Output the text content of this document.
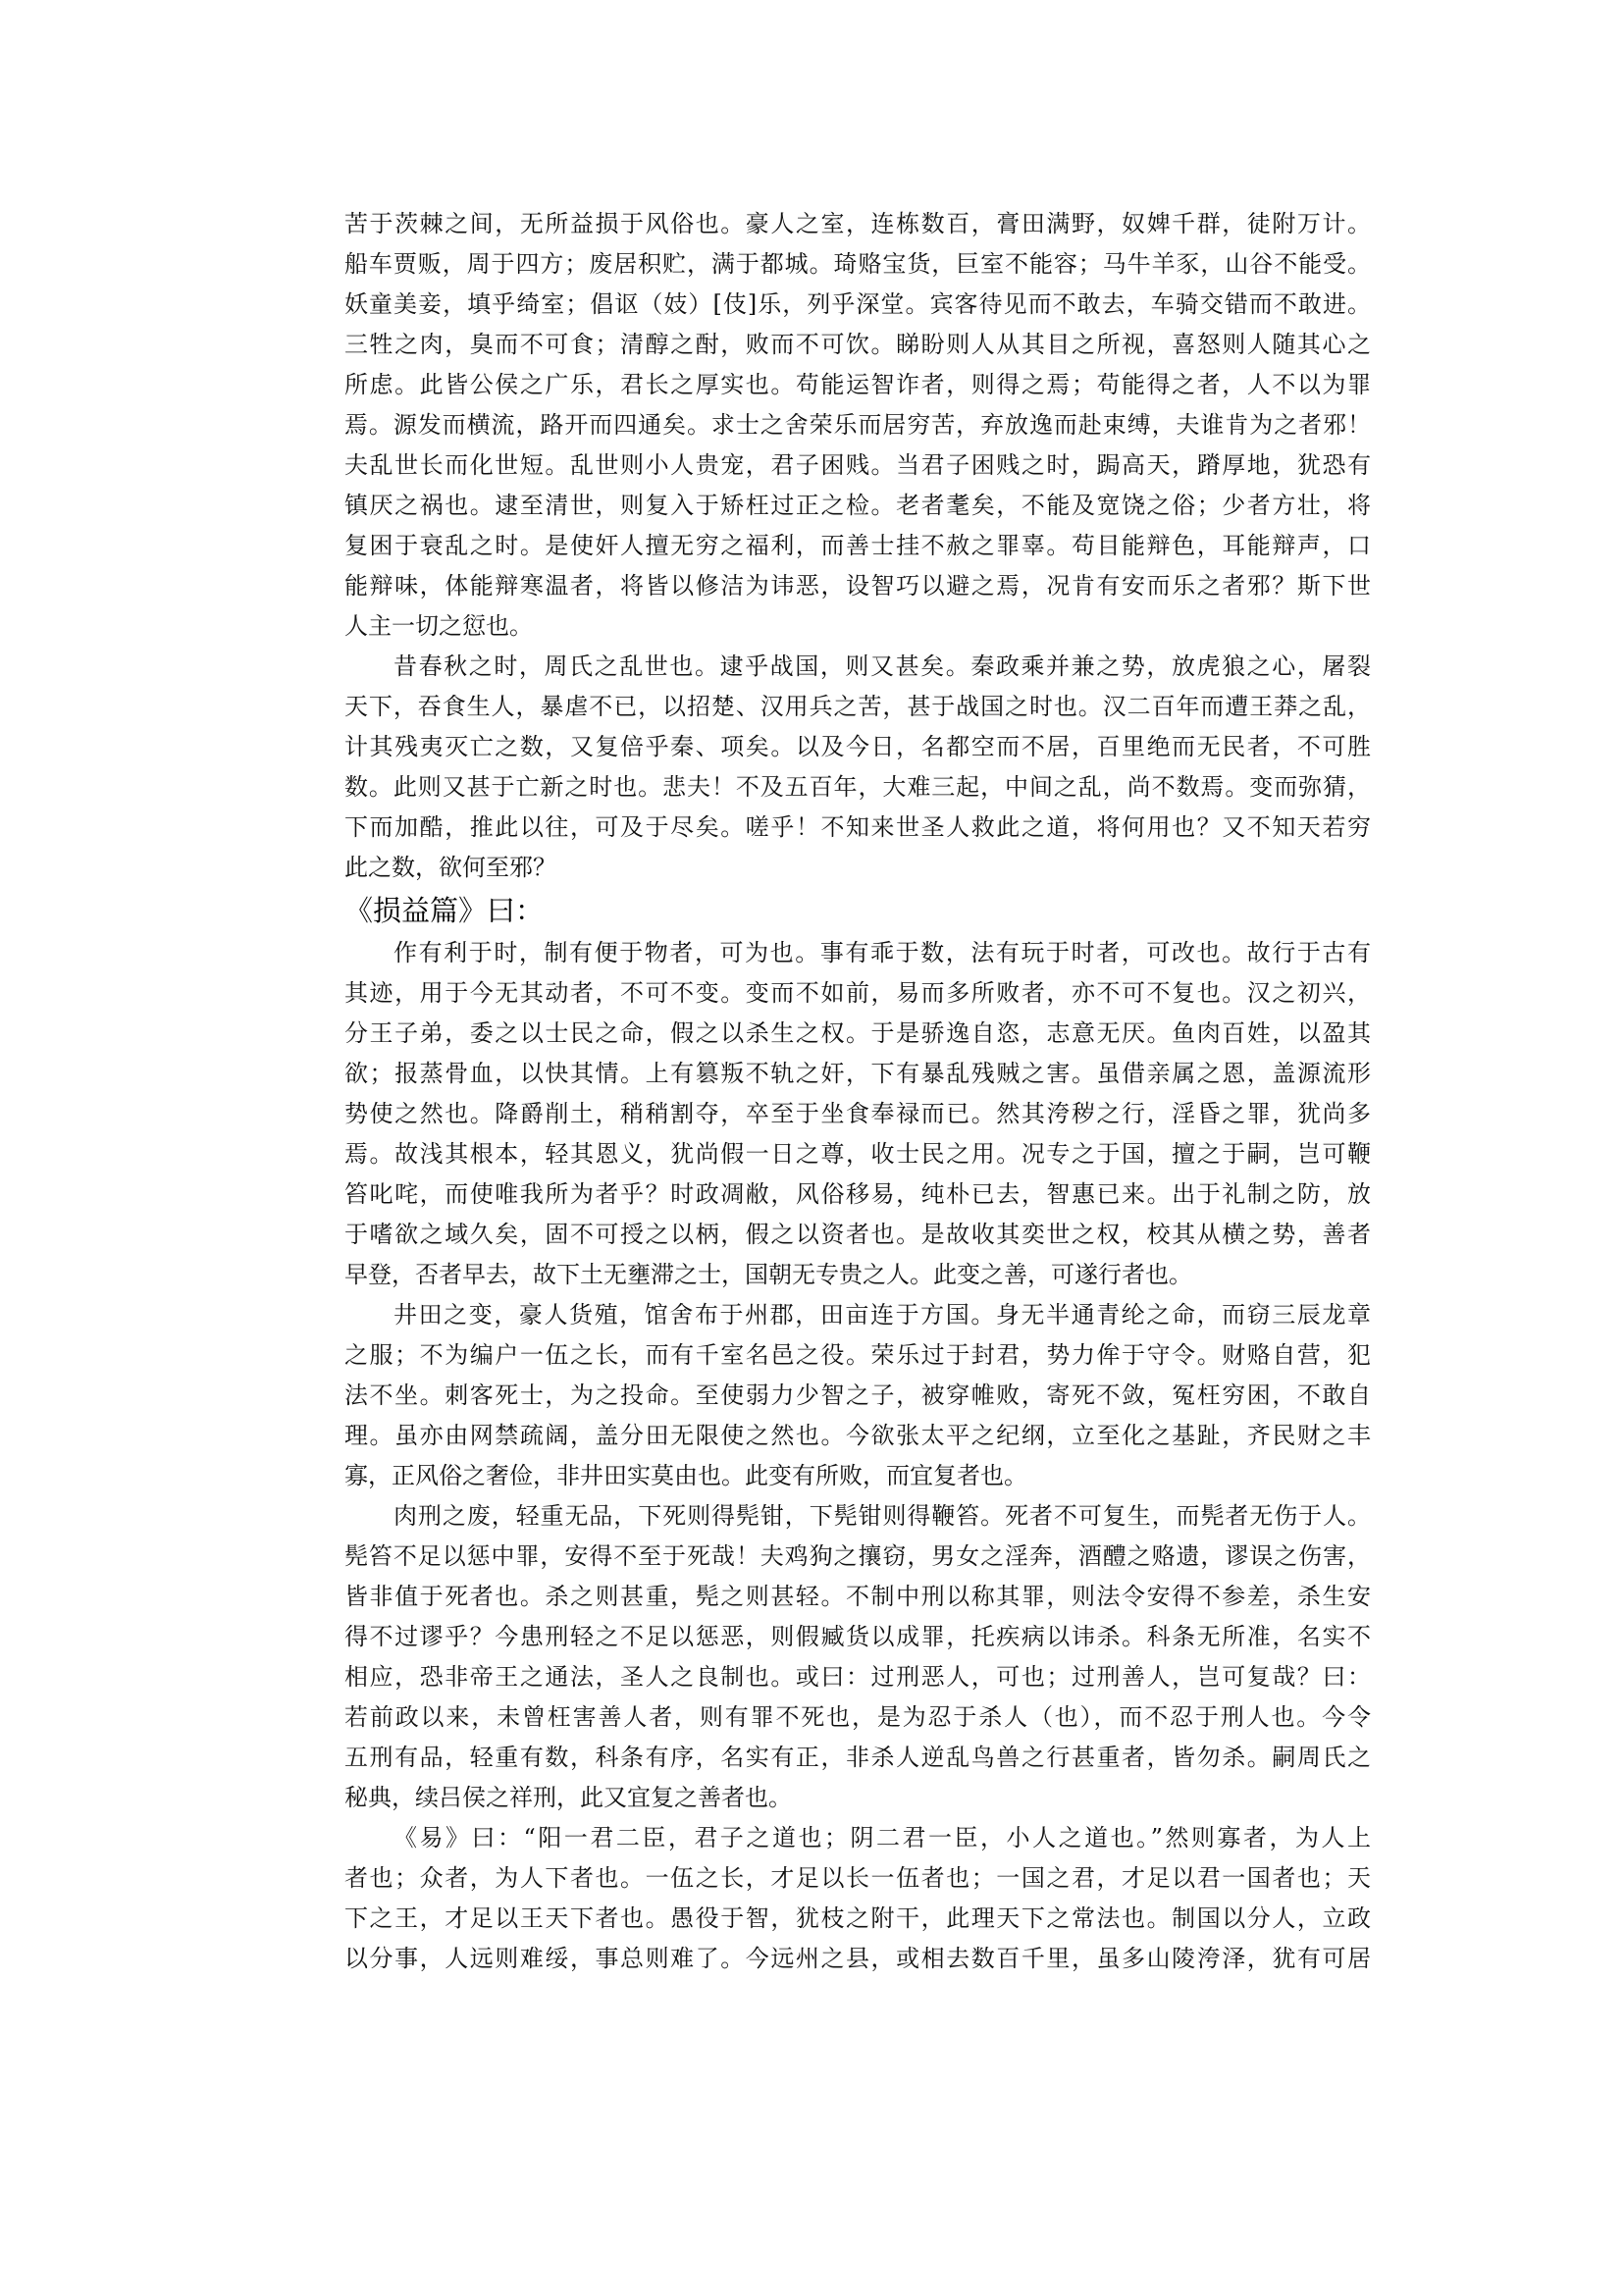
苦于茨棘之间，无所益损于风俗也。豪人之室，连栋数百，膏田满野，奴婢千群，徒附万计。
船车贾贩，周于四方；废居积贮，满于都城。琦赂宝货，巨室不能容；马牛羊豕，山谷不能受。
妖童美妾，填乎绮室；倡讴（妓）[伎]乐，列乎深堂。宾客待见而不敢去，车骑交错而不敢进。
三牲之肉，臭而不可食；清醇之酎，败而不可饮。睇盼则人从其目之所视，喜怒则人随其心之
所虑。此皆公侯之广乐，君长之厚实也。苟能运智诈者，则得之焉；苟能得之者，人不以为罪
焉。源发而横流，路开而四通矣。求士之舍荣乐而居穷苦，弃放逸而赴束缚，夫谁肯为之者邪！
夫乱世长而化世短。乱世则小人贵宠，君子困贱。当君子困贱之时，跼高天，蹐厚地，犹恐有
镇厌之祸也。逮至清世，则复入于矫枉过正之检。老者耄矣，不能及宽饶之俗；少者方壮，将
复困于衰乱之时。是使奸人擅无穷之福利，而善士挂不赦之罪辜。苟目能辩色，耳能辩声，口
能辩味，体能辩寒温者，将皆以修洁为讳恶，设智巧以避之焉，况肯有安而乐之者邪？斯下世
人主一切之愆也。
昔春秋之时，周氏之乱世也。逮乎战国，则又甚矣。秦政乘并兼之势，放虎狼之心，屠裂
天下，吞食生人，暴虐不已，以招楚、汉用兵之苦，甚于战国之时也。汉二百年而遭王莽之乱，
计其残夷灭亡之数，又复倍乎秦、项矣。以及今日，名都空而不居，百里绝而无民者，不可胜
数。此则又甚于亡新之时也。悲夫！不及五百年，大难三起，中间之乱，尚不数焉。变而弥猜，
下而加酷，推此以往，可及于尽矣。嗟乎！不知来世圣人救此之道，将何用也？又不知天若穷
此之数，欲何至邪？
《损益篇》曰：
作有利于时，制有便于物者，可为也。事有乖于数，法有玩于时者，可改也。故行于古有
其迹，用于今无其动者，不可不变。变而不如前，易而多所败者，亦不可不复也。汉之初兴，
分王子弟，委之以士民之命，假之以杀生之权。于是骄逸自恣，志意无厌。鱼肉百姓，以盈其
欲；报蒸骨血，以快其情。上有篡叛不轨之奸，下有暴乱残贼之害。虽借亲属之恩，盖源流形
势使之然也。降爵削土，稍稍割夺，卒至于坐食奉禄而已。然其洿秽之行，淫昏之罪，犹尚多
焉。故浅其根本，轻其恩义，犹尚假一日之尊，收士民之用。况专之于国，擅之于嗣，岂可鞭
笞叱咤，而使唯我所为者乎？时政凋敝，风俗移易，纯朴已去，智惠已来。出于礼制之防，放
于嗜欲之域久矣，固不可授之以柄，假之以资者也。是故收其奕世之权，校其从横之势，善者
早登，否者早去，故下土无壅滞之士，国朝无专贵之人。此变之善，可遂行者也。
井田之变，豪人货殖，馆舍布于州郡，田亩连于方国。身无半通青纶之命，而窃三辰龙章
之服；不为编户一伍之长，而有千室名邑之役。荣乐过于封君，势力侔于守令。财赂自营，犯
法不坐。刺客死士，为之投命。至使弱力少智之子，被穿帷败，寄死不敛，冤枉穷困，不敢自
理。虽亦由网禁疏阔，盖分田无限使之然也。今欲张太平之纪纲，立至化之基趾，齐民财之丰
寡，正风俗之奢俭，非井田实莫由也。此变有所败，而宜复者也。
肉刑之废，轻重无品，下死则得髡钳，下髡钳则得鞭笞。死者不可复生，而髡者无伤于人。
髡笞不足以惩中罪，安得不至于死哉！夫鸡狗之攘窃，男女之淫奔，酒醴之赂遗，谬误之伤害，
皆非值于死者也。杀之则甚重，髡之则甚轻。不制中刑以称其罪，则法令安得不参差，杀生安
得不过谬乎？今患刑轻之不足以惩恶，则假臧货以成罪，托疾病以讳杀。科条无所准，名实不
相应，恐非帝王之通法，圣人之良制也。或曰：过刑恶人，可也；过刑善人，岂可复哉？曰：
若前政以来，未曾枉害善人者，则有罪不死也，是为忍于杀人（也），而不忍于刑人也。今令
五刑有品，轻重有数，科条有序，名实有正，非杀人逆乱鸟兽之行甚重者，皆勿杀。嗣周氏之
秘典，续吕侯之祥刑，此又宜复之善者也。
《易》曰：“阳一君二臣，君子之道也；阴二君一臣，小人之道也。”然则寡者，为人上
者也；众者，为人下者也。一伍之长，才足以长一伍者也；一国之君，才足以君一国者也；天
下之王，才足以王天下者也。愚役于智，犹枝之附干，此理天下之常法也。制国以分人，立政
以分事，人远则难绥，事总则难了。今远州之县，或相去数百千里，虽多山陵洿泽，犹有可居
